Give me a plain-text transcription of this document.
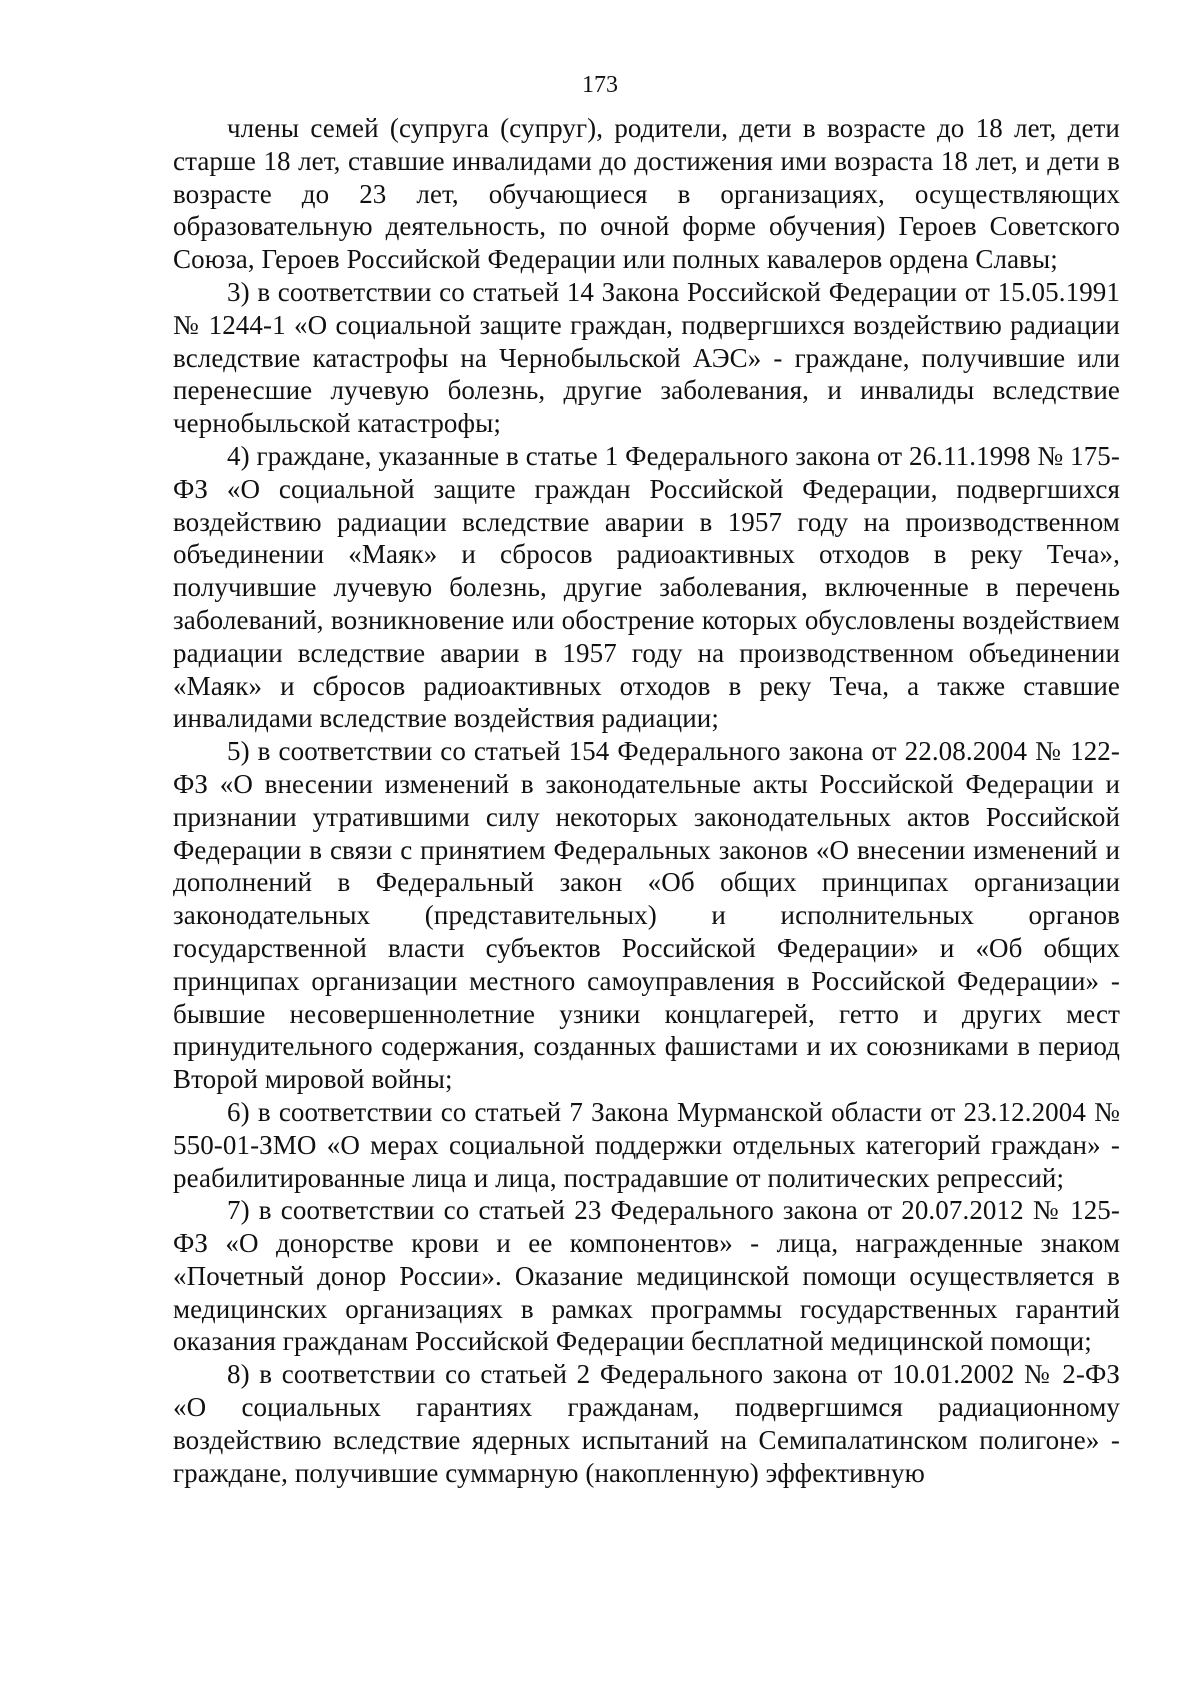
173

члены семей (супруга (супруг), родители, дети в возрасте до 18 лет, дети старше 18 лет, ставшие инвалидами до достижения ими возраста 18 лет, и дети в возрасте до 23 лет, обучающиеся в организациях, осуществляющих образовательную деятельность, по очной форме обучения) Героев Советского Союза, Героев Российской Федерации или полных кавалеров ордена Славы;

3) в соответствии со статьей 14 Закона Российской Федерации от 15.05.1991 № 1244-1 «О социальной защите граждан, подвергшихся воздействию радиации вследствие катастрофы на Чернобыльской АЭС» - граждане, получившие или перенесшие лучевую болезнь, другие заболевания, и инвалиды вследствие чернобыльской катастрофы;

4) граждане, указанные в статье 1 Федерального закона от 26.11.1998 № 175-ФЗ «О социальной защите граждан Российской Федерации, подвергшихся воздействию радиации вследствие аварии в 1957 году на производственном объединении «Маяк» и сбросов радиоактивных отходов в реку Теча», получившие лучевую болезнь, другие заболевания, включенные в перечень заболеваний, возникновение или обострение которых обусловлены воздействием радиации вследствие аварии в 1957 году на производственном объединении «Маяк» и сбросов радиоактивных отходов в реку Теча, а также ставшие инвалидами вследствие воздействия радиации;

5) в соответствии со статьей 154 Федерального закона от 22.08.2004 № 122-ФЗ «О внесении изменений в законодательные акты Российской Федерации и признании утратившими силу некоторых законодательных актов Российской Федерации в связи с принятием Федеральных законов «О внесении изменений и дополнений в Федеральный закон «Об общих принципах организации законодательных (представительных) и исполнительных органов государственной власти субъектов Российской Федерации» и «Об общих принципах организации местного самоуправления в Российской Федерации» - бывшие несовершеннолетние узники концлагерей, гетто и других мест принудительного содержания, созданных фашистами и их союзниками в период Второй мировой войны;

6) в соответствии со статьей 7 Закона Мурманской области от 23.12.2004 № 550-01-ЗМО «О мерах социальной поддержки отдельных категорий граждан» - реабилитированные лица и лица, пострадавшие от политических репрессий;

7) в соответствии со статьей 23 Федерального закона от 20.07.2012 № 125-ФЗ «О донорстве крови и ее компонентов» - лица, награжденные знаком «Почетный донор России». Оказание медицинской помощи осуществляется в медицинских организациях в рамках программы государственных гарантий оказания гражданам Российской Федерации бесплатной медицинской помощи;

8) в соответствии со статьей 2 Федерального закона от 10.01.2002 № 2-ФЗ «О социальных гарантиях гражданам, подвергшимся радиационному воздействию вследствие ядерных испытаний на Семипалатинском полигоне» - граждане, получившие суммарную (накопленную) эффективную
